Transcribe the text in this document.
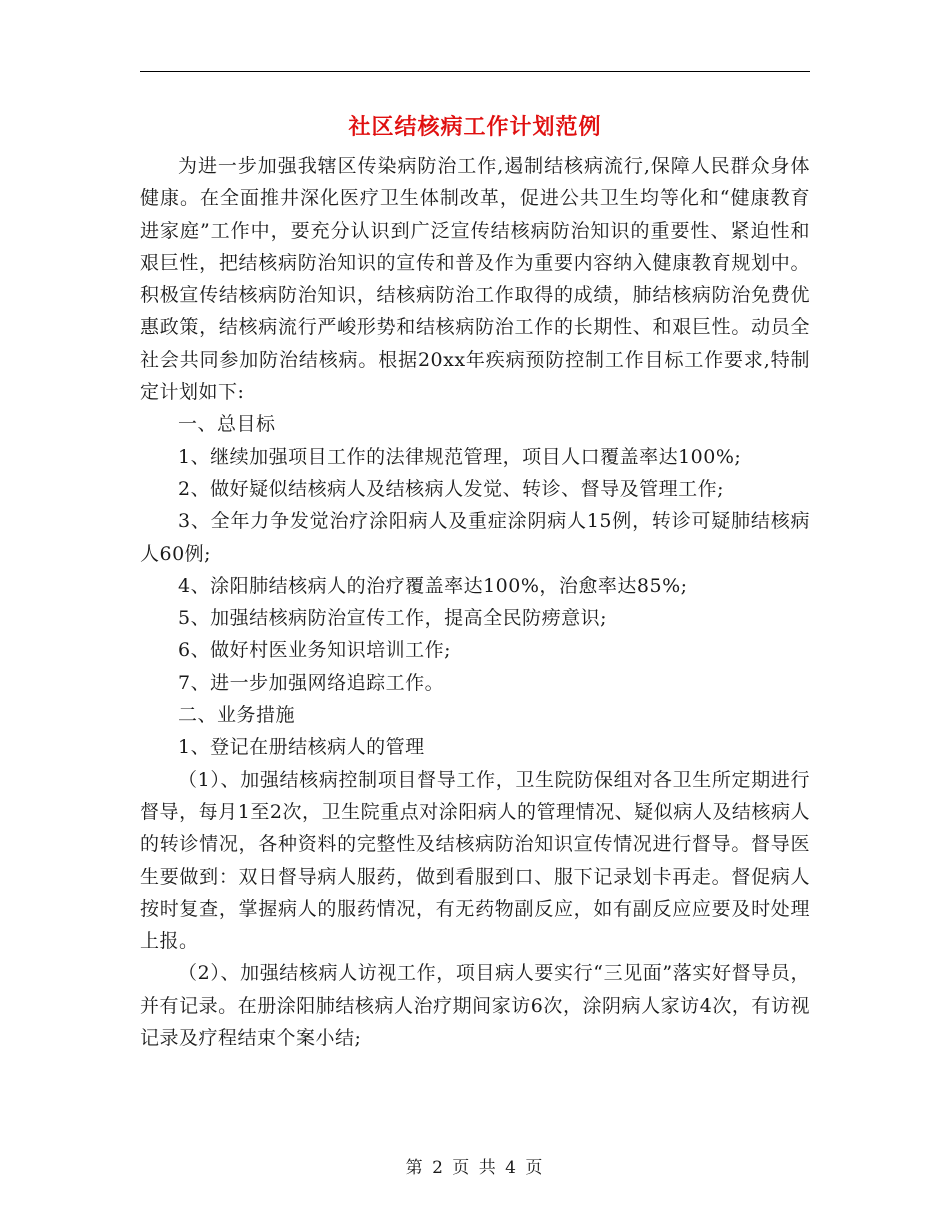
社区结核病工作计划范例

为进一步加强我辖区传染病防治工作,遏制结核病流行,保障人民群众身体健康。在全面推井深化医疗卫生体制改革，促进公共卫生均等化和“健康教育进家庭”工作中，要充分认识到广泛宣传结核病防治知识的重要性、紧迫性和艰巨性，把结核病防治知识的宣传和普及作为重要内容纳入健康教育规划中。积极宣传结核病防治知识，结核病防治工作取得的成绩，肺结核病防治免费优惠政策，结核病流行严峻形势和结核病防治工作的长期性、和艰巨性。动员全社会共同参加防治结核病。根据20xx年疾病预防控制工作目标工作要求,特制定计划如下:

一、总目标

1、继续加强项目工作的法律规范管理，项目人口覆盖率达100%;

2、做好疑似结核病人及结核病人发觉、转诊、督导及管理工作;

3、全年力争发觉治疗涂阳病人及重症涂阴病人15例，转诊可疑肺结核病人60例;

4、涂阳肺结核病人的治疗覆盖率达100%，治愈率达85%;

5、加强结核病防治宣传工作，提高全民防痨意识;

6、做好村医业务知识培训工作;

7、进一步加强网络追踪工作。

二、业务措施

1、登记在册结核病人的管理

（1）、加强结核病控制项目督导工作，卫生院防保组对各卫生所定期进行督导，每月1至2次，卫生院重点对涂阳病人的管理情况、疑似病人及结核病人的转诊情况，各种资料的完整性及结核病防治知识宣传情况进行督导。督导医生要做到：双日督导病人服药，做到看服到口、服下记录划卡再走。督促病人按时复查，掌握病人的服药情况，有无药物副反应，如有副反应应要及时处理上报。

（2）、加强结核病人访视工作，项目病人要实行“三见面”落实好督导员，并有记录。在册涂阳肺结核病人治疗期间家访6次，涂阴病人家访4次，有访视记录及疗程结束个案小结;

第 2 页 共 4 页
